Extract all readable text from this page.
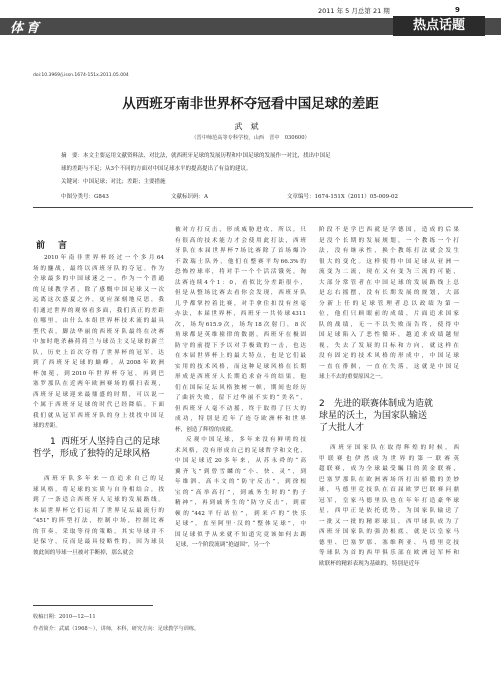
2011 年 5 月总第 21 期	9
体育	热点话题
doi:10.3969/j.issn.1674-151x.2011.05.004
从西班牙南非世界杯夺冠看中国足球的差距
武斌
（晋中师范高等专科学校，山西　晋中　030600）
摘　要：本文主要运用文献资料法、对比法，就西班牙足球的发展历程和中国足球的发展作一对比，找出中国足
球的差距与不足；从3个不同的方面对中国足球水平的提高提出了有益的建议。
关键词：中国足球；对比；差距；主要措施
中图分类号：G843	文献标识码：A	文章编号：1674-151X（2011）05-009-02
前　言

2010年南非世界杯经过一个多月64

场的鏖战，最终以西班牙队的夺冠。作为

全球最多的中国球迷之一，作为一个普通

的足球教学者，除了感慨中国足球又一次

远离这次盛夏之外，更应深刻地反思，我

们通过世界的观察看多面，我们真正的差距

在哪里，由什么本组世界杯技术流的最具

型代表，脚法华丽的西班牙队最终在决赛

中加时绝杀赫荷荷兰与球员主义足球的新兰

队，历史上首次夺得了世界杯的冠军，达

到了西班牙足球的巅峰。从2008年欧洲

杯加冕，到2010年世界杯夺冠，再到巴

塞罗那队在近两年欧洲赛场的横扫表现，

西班牙足球迎来最鼎盛的时期，可以说一

个属于西班牙足球的时代已经降临。下面

我们就从冠军西班牙队的身上找找中国足

球的差距。

1 西班牙人坚持自己的足球
哲学，形成了独特的足球风格

西班牙队多年来一直追求自己的足

球风格，将足球的实质与自身相结合，找

到了一条适合西班牙人足球的发展路线。

本届世界杯它们运用了世界足坛最流行的

“451”的阵型打法，控制中场，控制比赛

的节奏，采取等待的策略，其实导球并不

是保守，反而是最具侵略性的，因为球员

彼此间的导球一旦被对手断掉，那么就会

被对方打反击，形成威胁进攻，所以，只

有很高的技术能力才会使用此打法，西班

牙队在本届世界杯7场比赛除了首场爆冷

不敌瑞士队外，他们在整赛平均66.3%的

恐怖控球率，将对手一个个活活饿死，淘

汰赛连续4个1：0，看似比分差距很小，

但是从整场比赛去看你会发现，西班牙队

几乎都掌控着比赛，对手拿住扣没有丝毫

办法，本届世界杯，西班牙一共传球4311

次，场均615.9次，场均18次射门，8次

角球都是英维撞律的数据，西班牙在极固

防守的前提下予以对手极致的一击，也达

在本届世界杯上的最大特点，也是它们最

实用的技术风格，而这种足球风格在长期

形成是西班牙人长期追求奋斗的结果，他

们在国际足坛风格独树一帜，期间也经历

了曲折失败，留下过华丽不实的“美名”，

但西班牙人毫不动摇，终于取得了巨大的

成功，特别是近年了连夺欧洲杯和世界

杯，创造了辉煌的成就。

反观中国足球，多年来没有鲜明的技

术风格，没有形成自己的足球哲学和文化，

中国足球近20多年来，从苏永舜的“高

翼齐飞”到曾雪麟的“小、快、灵”，到

年维泗、高丰文的“防守反击”，到徐根

宝的“高举高打”，到戚务生时的“豹子

精神”，再到戚务生的“防守反击”，到霍

顿的“442平行站位”，到米卢的“快乐

足球”，直至阿里·汉的“整体足球”，中

国足球似乎从来就不知道究竟该如何去踢

足球，一个阶段流调“抢逼围”，另一个

阶段不是学巴西就是学德国，造成的后果

是没个长期的发展规划，一个教练一个打

法，没有继承性，换个教练打法就会发生

很大的变化。这样使得中国足球从亚洲一

流变为二流，现在又有变为三流的可能，

大部分常管者在中国足球的发展路线上总

是忘右摇摆，没有长期发展的规划，大部

分新上任的足球管理者总以政绩为第一

位，他们只顾眼前的成绩，片面追求国家

队的战绩，无一不以失败而告终，使得中

国足球陷入了恶性循环，越追求成绩越短

视，失去了发展的目标和方向，就这样在

没有固定的技术风格的形成中，中国足球

一直在徘徊，一直在失落，这就是中国足

球上不去的重要原因之一。

2 先进的联赛体制成为造就
球星的沃土，为国家队输送
了大批人才

西班牙国家队在取得辉煌的时候，西

甲联赛也伊然成为世界的第一联赛英

超联赛，成为全球最受瞩目的黄金联赛，

巴塞罗那队在欧洲赛场所打出骄傲的美妙

球，马德里竞技队在首届欧罗巴联赛问鼎

冠军，皇家马德里队也在年年打造豪华球

星，西甲正是依托优势，为国家队输送了

一批又一批的精彩球员，西甲球队成为了

西班牙国家队的强劲根底，就是以皇家马

德里、巴塞罗那、塞维利亚、马德里竞技

等球队为首的西甲俱乐部在欧洲冠军杯和

欧联杯的精彩表现为基础的，特别是近年

收稿日期：2010—12—11
作者简介：武斌（1968～），讲师，本科，研究方向：足球教学与训练。
